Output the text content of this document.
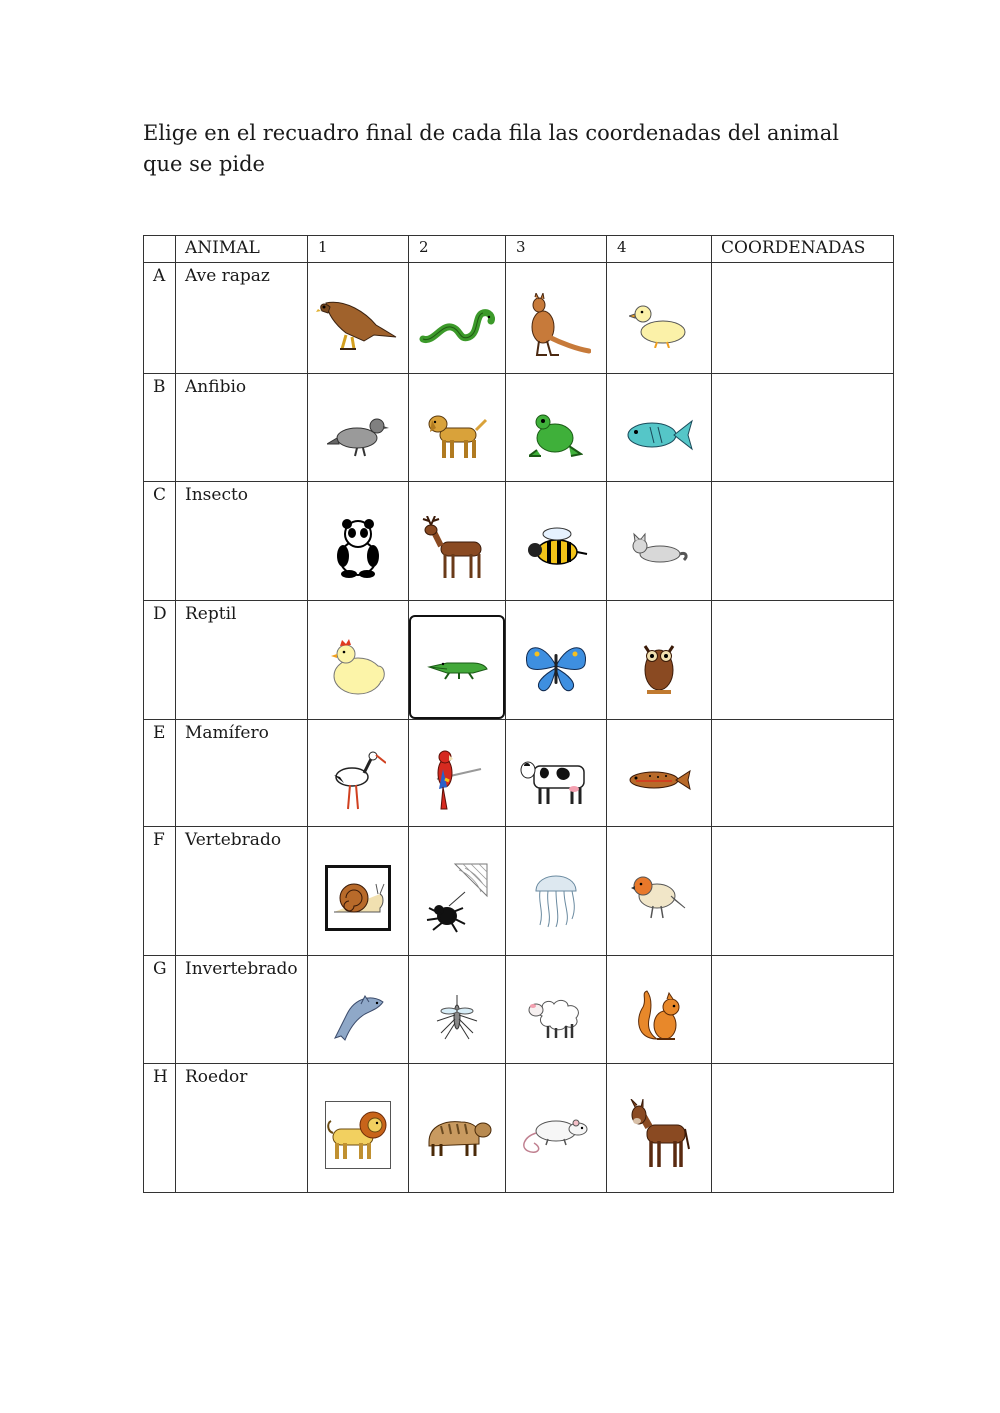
Elige en el recuadro final de cada fila las coordenadas del animal que se pide

	ANIMAL	1	2	3	4	COORDENADAS
A	Ave rapaz	

B	Anfibio	

C	Insecto	

D	Reptil	

E	Mamífero	

F	Vertebrado	

G	Invertebrado	

H	Roedor	
